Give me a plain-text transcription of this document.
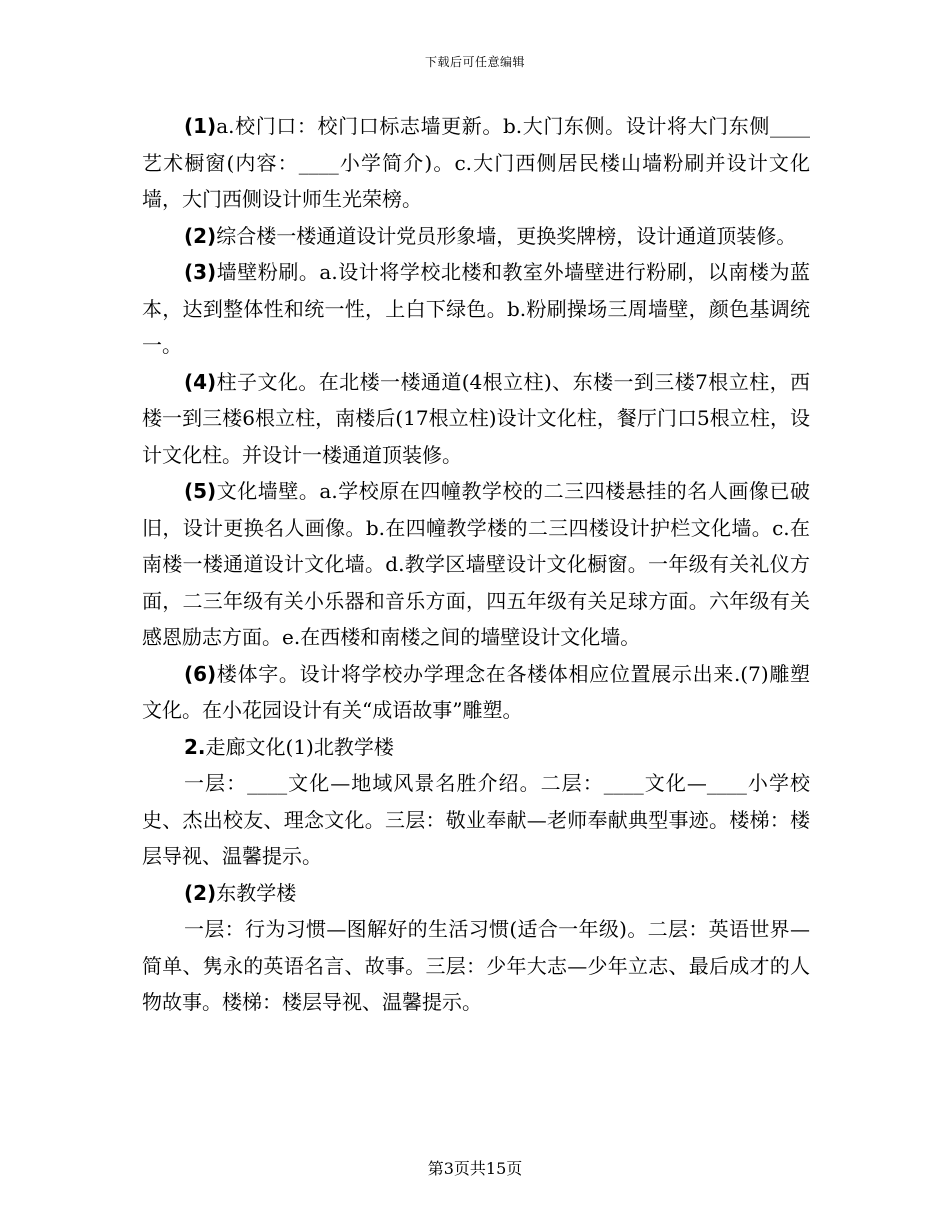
下载后可任意编辑

(1)a.校门口：校门口标志墙更新。b.大门东侧。设计将大门东侧____艺术橱窗(内容：____小学简介)。c.大门西侧居民楼山墙粉刷并设计文化墙，大门西侧设计师生光荣榜。

(2)综合楼一楼通道设计党员形象墙，更换奖牌榜，设计通道顶装修。

(3)墙壁粉刷。a.设计将学校北楼和教室外墙壁进行粉刷，以南楼为蓝本，达到整体性和统一性，上白下绿色。b.粉刷操场三周墙壁，颜色基调统一。

(4)柱子文化。在北楼一楼通道(4根立柱)、东楼一到三楼7根立柱，西楼一到三楼6根立柱，南楼后(17根立柱)设计文化柱，餐厅门口5根立柱，设计文化柱。并设计一楼通道顶装修。

(5)文化墙壁。a.学校原在四幢教学校的二三四楼悬挂的名人画像已破旧，设计更换名人画像。b.在四幢教学楼的二三四楼设计护栏文化墙。c.在南楼一楼通道设计文化墙。d.教学区墙壁设计文化橱窗。一年级有关礼仪方面，二三年级有关小乐器和音乐方面，四五年级有关足球方面。六年级有关感恩励志方面。e.在西楼和南楼之间的墙壁设计文化墙。

(6)楼体字。设计将学校办学理念在各楼体相应位置展示出来.(7)雕塑文化。在小花园设计有关“成语故事”雕塑。

2.走廊文化(1)北教学楼

一层：____文化—地域风景名胜介绍。二层：____文化—____小学校史、杰出校友、理念文化。三层：敬业奉献—老师奉献典型事迹。楼梯：楼层导视、温馨提示。

(2)东教学楼

一层：行为习惯—图解好的生活习惯(适合一年级)。二层：英语世界—简单、隽永的英语名言、故事。三层：少年大志—少年立志、最后成才的人物故事。楼梯：楼层导视、温馨提示。

第3页共15页
